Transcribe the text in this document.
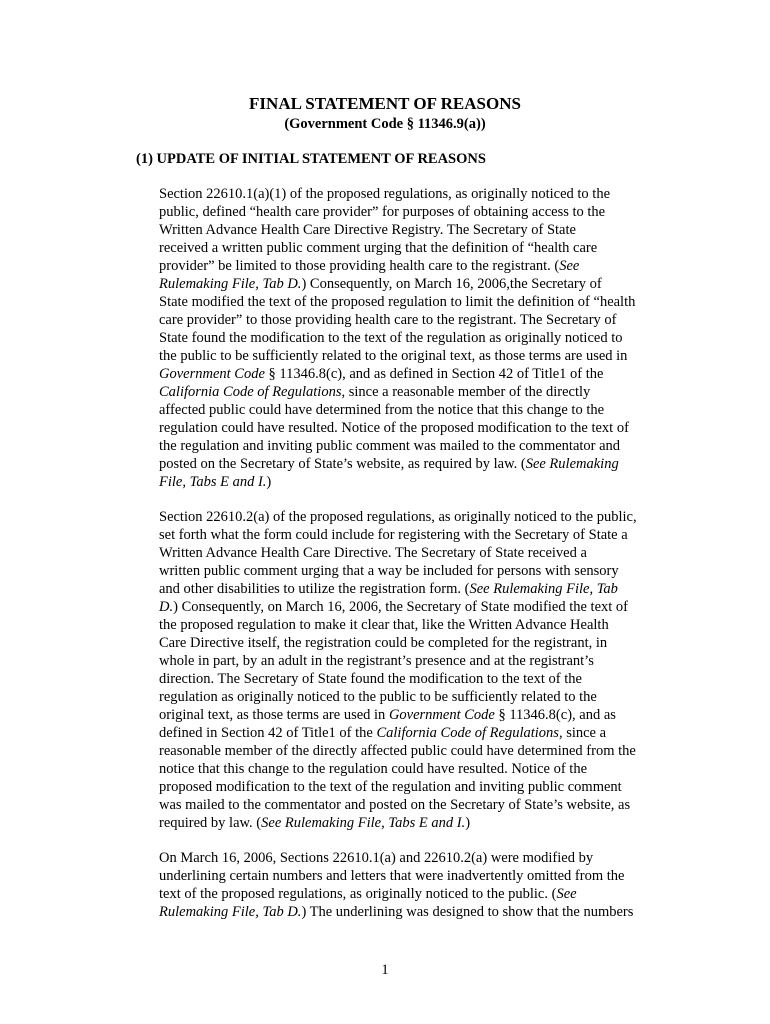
FINAL STATEMENT OF REASONS
(Government Code § 11346.9(a))
(1) UPDATE OF INITIAL STATEMENT OF REASONS
Section 22610.1(a)(1) of the proposed regulations, as originally noticed to the
public, defined “health care provider” for purposes of obtaining access to the
Written Advance Health Care Directive Registry. The Secretary of State
received a written public comment urging that the definition of “health care
provider” be limited to those providing health care to the registrant. (See
Rulemaking File, Tab D.) Consequently, on March 16, 2006,the Secretary of
State modified the text of the proposed regulation to limit the definition of “health
care provider” to those providing health care to the registrant. The Secretary of
State found the modification to the text of the regulation as originally noticed to
the public to be sufficiently related to the original text, as those terms are used in
Government Code § 11346.8(c), and as defined in Section 42 of Title1 of the
California Code of Regulations, since a reasonable member of the directly
affected public could have determined from the notice that this change to the
regulation could have resulted. Notice of the proposed modification to the text of
the regulation and inviting public comment was mailed to the commentator and
posted on the Secretary of State’s website, as required by law. (See Rulemaking
File, Tabs E and I.)
Section 22610.2(a) of the proposed regulations, as originally noticed to the public,
set forth what the form could include for registering with the Secretary of State a
Written Advance Health Care Directive. The Secretary of State received a
written public comment urging that a way be included for persons with sensory
and other disabilities to utilize the registration form. (See Rulemaking File, Tab
D.) Consequently, on March 16, 2006, the Secretary of State modified the text of
the proposed regulation to make it clear that, like the Written Advance Health
Care Directive itself, the registration could be completed for the registrant, in
whole in part, by an adult in the registrant’s presence and at the registrant’s
direction. The Secretary of State found the modification to the text of the
regulation as originally noticed to the public to be sufficiently related to the
original text, as those terms are used in Government Code § 11346.8(c), and as
defined in Section 42 of Title1 of the California Code of Regulations, since a
reasonable member of the directly affected public could have determined from the
notice that this change to the regulation could have resulted. Notice of the
proposed modification to the text of the regulation and inviting public comment
was mailed to the commentator and posted on the Secretary of State’s website, as
required by law. (See Rulemaking File, Tabs E and I.)
On March 16, 2006, Sections 22610.1(a) and 22610.2(a) were modified by
underlining certain numbers and letters that were inadvertently omitted from the
text of the proposed regulations, as originally noticed to the public. (See
Rulemaking File, Tab D.) The underlining was designed to show that the numbers
1
